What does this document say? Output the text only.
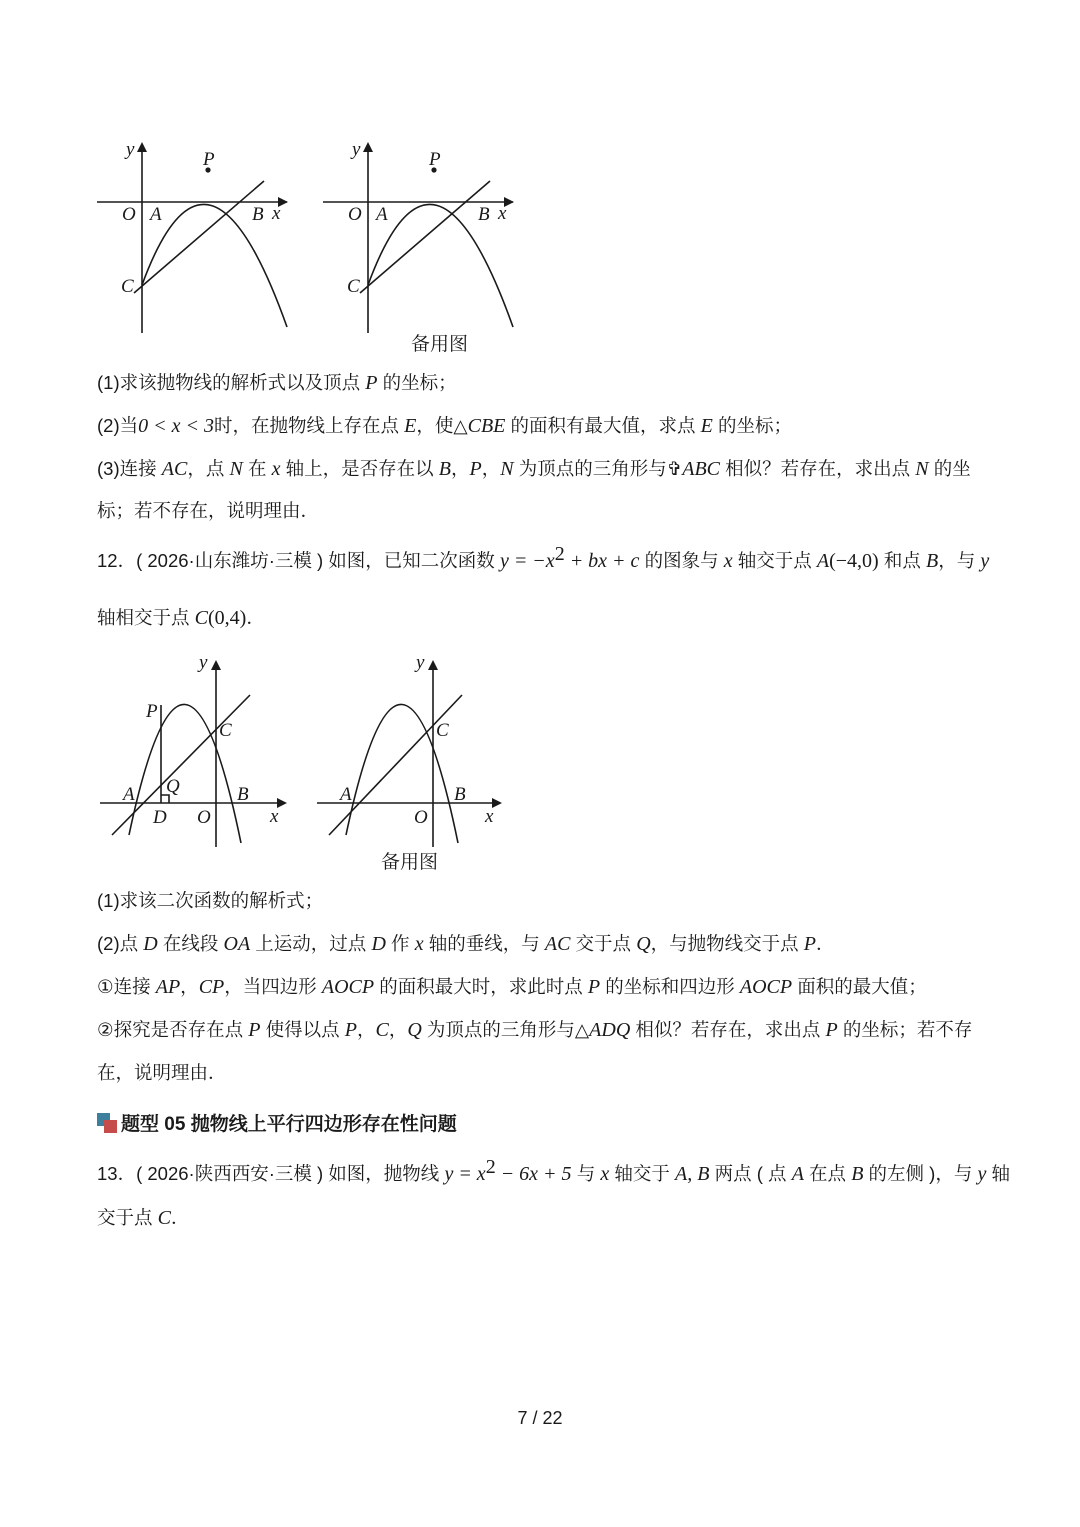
y
x
O A	B
C
P	y
x
O A	B
C
P
备用图
(1)求该抛物线的解析式以及顶点 P 的坐标；
(2)当0 < x < 3时，在抛物线上存在点 E，使△CBE 的面积有最大值，求点 E 的坐标；
(3)连接 AC，点 N 在 x 轴上，是否存在以 B，P，N 为顶点的三角形与✞ABC 相似？若存在，求出点 N 的坐
标；若不存在，说明理由．
12．( 2026·山东潍坊·三模 ) 如图，已知二次函数 $y = -x^2$ + bx + c 的图象与 x 轴交于点 A(−4,0) 和点 B，与 y
轴相交于点 C(0,4)．
y
x
O
A	B
C
P
Q
D
y
x
O
A	B
C
备用图
(1)求该二次函数的解析式；
(2)点 D 在线段 OA 上运动，过点 D 作 x 轴的垂线，与 AC 交于点 Q，与抛物线交于点 P．
①连接 AP，CP，当四边形 AOCP 的面积最大时，求此时点 P 的坐标和四边形 AOCP 面积的最大值；
②探究是否存在点 P 使得以点 P，C，Q 为顶点的三角形与△ADQ 相似？若存在，求出点 P 的坐标；若不存
在，说明理由．
题型 05 抛物线上平行四边形存在性问题
13．( 2026·陕西西安·三模 ) 如图，抛物线 $y = x^2 - 6x + 5$ 与 x 轴交于 A, B 两点 ( 点 A 在点 B 的左侧 )，与 y 轴
交于点 C．
7 / 22
